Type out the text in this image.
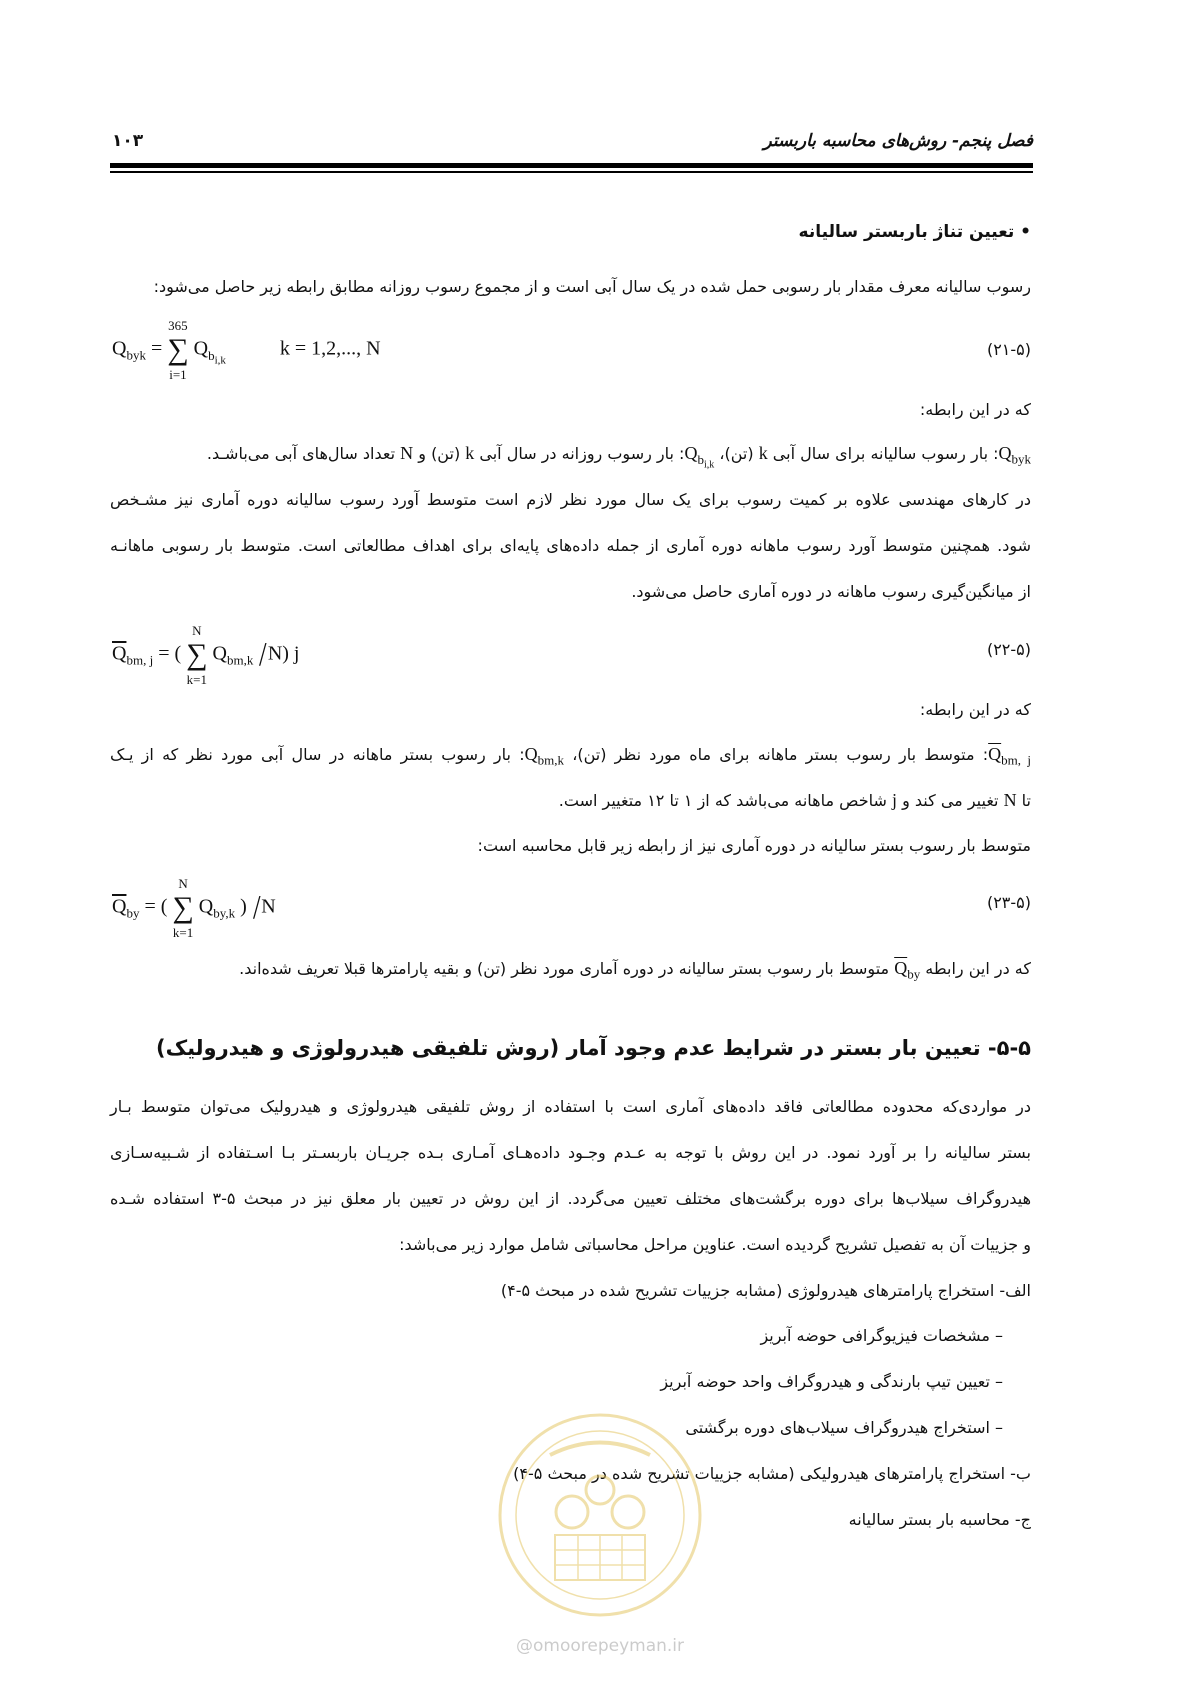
فصل پنجم- روش‌های محاسبه باربستر
۱۰۳
• تعیین تناژ باربستر سالیانه
رسوب سالیانه معرف مقدار بار رسوبی حمل شده در یک سال آبی است و از مجموع رسوب روزانه مطابق رابطه زیر حاصل می‌شود:
$Q_{byk}$ = ∑
365
i=1
$Q_{b_{i,k}}$  k = 1,2,..., N	(۲۱-۵)
که در این رابطه:
$Q_{byk}$: بار رسوب سالیانه برای سال آبی k (تن)، $Q_{b_{i,k}}$: بار رسوب روزانه در سال آبی k (تن) و N تعداد سال‌های آبی می‌باشـد.
در کارهای مهندسی علاوه بر کمیت رسوب برای یک سال مورد نظر لازم است متوسط آورد رسوب سالیانه دوره آماری نیز مشـخص
شود. همچنین متوسط آورد رسوب ماهانه دوره آماری از جمله داده‌های پایه‌ای برای اهداف مطالعاتی است. متوسط بار رسوبی ماهانـه
از میانگین‌گیری رسوب ماهانه در دوره آماری حاصل می‌شود.
$\overline{Q}_{bm, j}$ = ( ∑
N
k=1
$Q_{bm,k}$ /N) j	(۲۲-۵)
که در این رابطه:
$\overline{Q}_{bm, j}$: متوسط بار رسوب بستر ماهانه برای ماه مورد نظر (تن)، $Q_{bm,k}$: بار رسوب بستر ماهانه در سال آبی مورد نظر که از یـک
تا N تغییر می کند و j شاخص ماهانه می‌باشد که از ۱ تا ۱۲ متغییر است.
متوسط بار رسوب بستر سالیانه در دوره آماری نیز از رابطه زیر قابل محاسبه است:
$\overline{Q}_{by}$ = ( ∑
N
k=1
$Q_{by,k}$ ) /N	(۲۳-۵)
که در این رابطه $\overline{Q}_{by}$ متوسط بار رسوب بستر سالیانه در دوره آماری مورد نظر (تن) و بقیه پارامترها قبلا تعریف شده‌اند.
۵-۵- تعیین بار بستر در شرایط عدم وجود آمار (روش تلفیقی هیدرولوژی و هیدرولیک)
در مواردی‌که محدوده مطالعاتی فاقد داده‌های آماری است با استفاده از روش تلفیقی هیدرولوژی و هیدرولیک می‌توان متوسط بـار
بستر سالیانه را بر آورد نمود. در این روش با توجه به عـدم وجـود داده‌هـای آمـاری بـده جریـان باربسـتر بـا اسـتفاده از شـبیه‌سـازی
هیدروگراف سیلاب‌ها برای دوره برگشت‌های مختلف تعیین می‌گردد. از این روش در تعیین بار معلق نیز در مبحث ۵-۳ استفاده شـده
و جزییات آن به تفصیل تشریح گردیده است. عناوین مراحل محاسباتی شامل موارد زیر می‌باشد:
الف- استخراج پارامترهای هیدرولوژی (مشابه جزییات تشریح شده در مبحث ۵-۴)
– مشخصات فیزیوگرافی حوضه آبریز
– تعیین تیپ بارندگی و هیدروگراف واحد حوضه آبریز
– استخراج هیدروگراف سیلاب‌های دوره برگشتی
ب- استخراج پارامترهای هیدرولیکی (مشابه جزییات تشریح شده در مبحث ۵-۴)
ج- محاسبه بار بستر سالیانه
@omoorepeyman.ir
